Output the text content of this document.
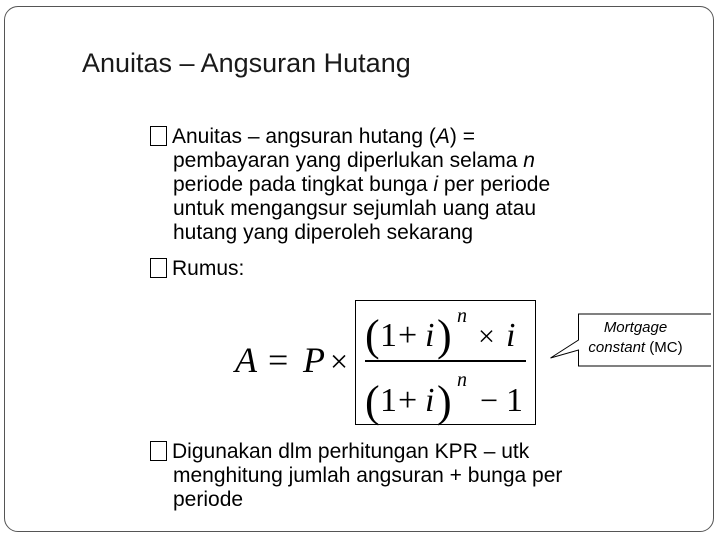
Anuitas – Angsuran Hutang
Anuitas – angsuran hutang (A) =
pembayaran yang diperlukan selama n
periode pada tingkat bunga i per periode
untuk mengangsur sejumlah uang atau
hutang yang diperoleh sekarang
Rumus:
A = P ×
( 1 + i ) n
× i
( 1 + i ) n
− 1
Mortgage
constant (MC)
Digunakan dlm perhitungan KPR – utk
menghitung jumlah angsuran + bunga per
periode
